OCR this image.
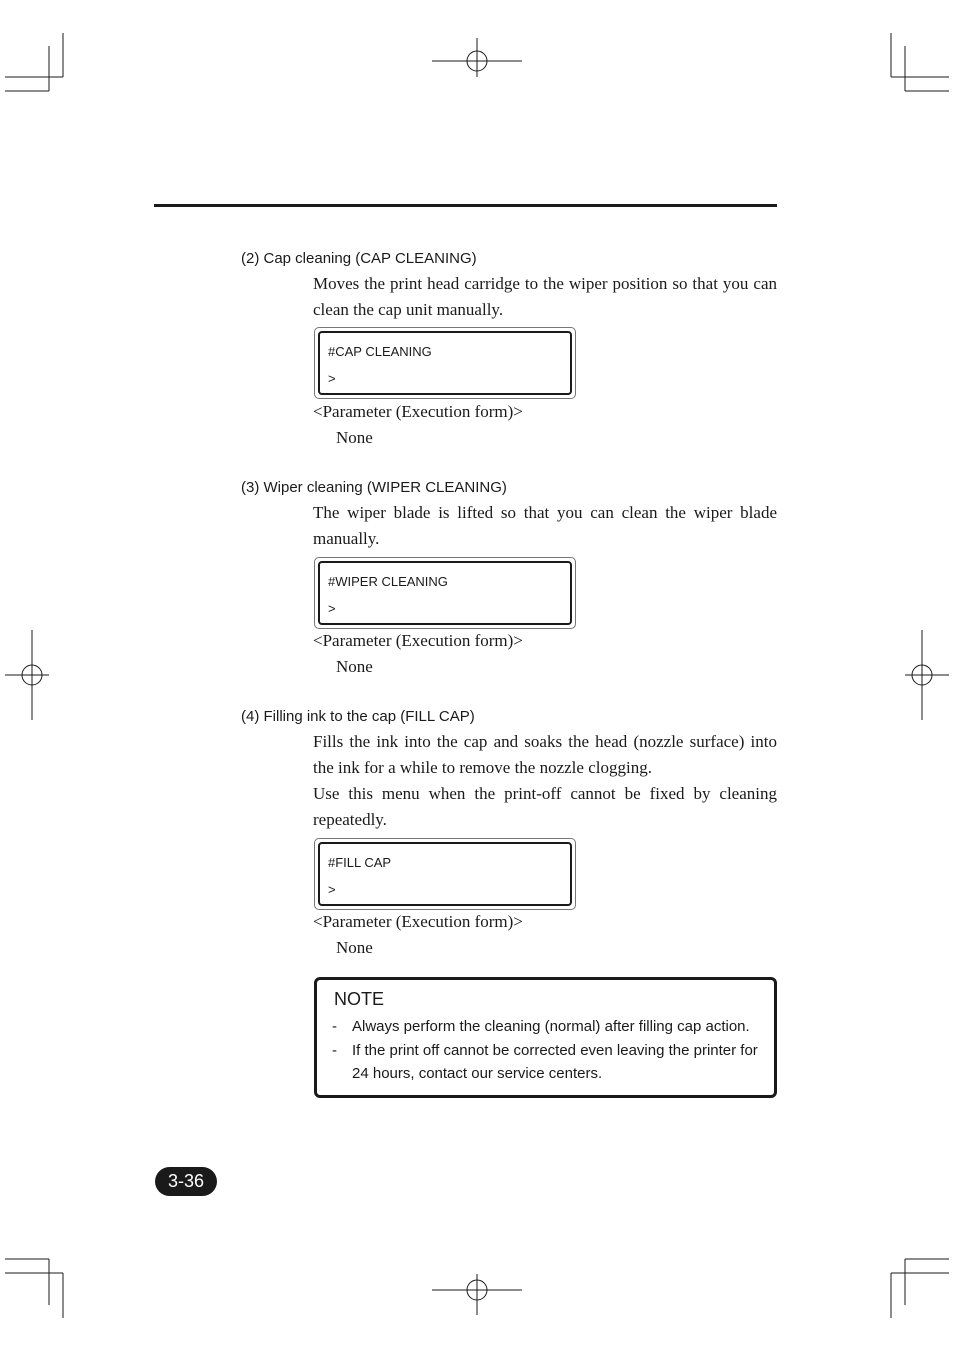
(2) Cap cleaning (CAP CLEANING)

Moves the print head carridge to the wiper position so that you can clean the cap unit manually.

#CAP CLEANING
>
<Parameter (Execution form)>
None
(3) Wiper cleaning (WIPER CLEANING)

The wiper blade is lifted so that you can clean the wiper blade manually.

#WIPER CLEANING
>
<Parameter (Execution form)>
None
(4) Filling ink to the cap (FILL CAP)

Fills the ink into the cap and soaks the head (nozzle surface) into the ink for a while to remove the nozzle clogging.

Use this menu when the print-off cannot be fixed by cleaning repeatedly.

#FILL CAP
>
<Parameter (Execution form)>
None
NOTE
-	Always perform the cleaning (normal) after filling cap action.
-	If the print off cannot be corrected even leaving the printer for 24 hours, contact our service centers.
3-36
